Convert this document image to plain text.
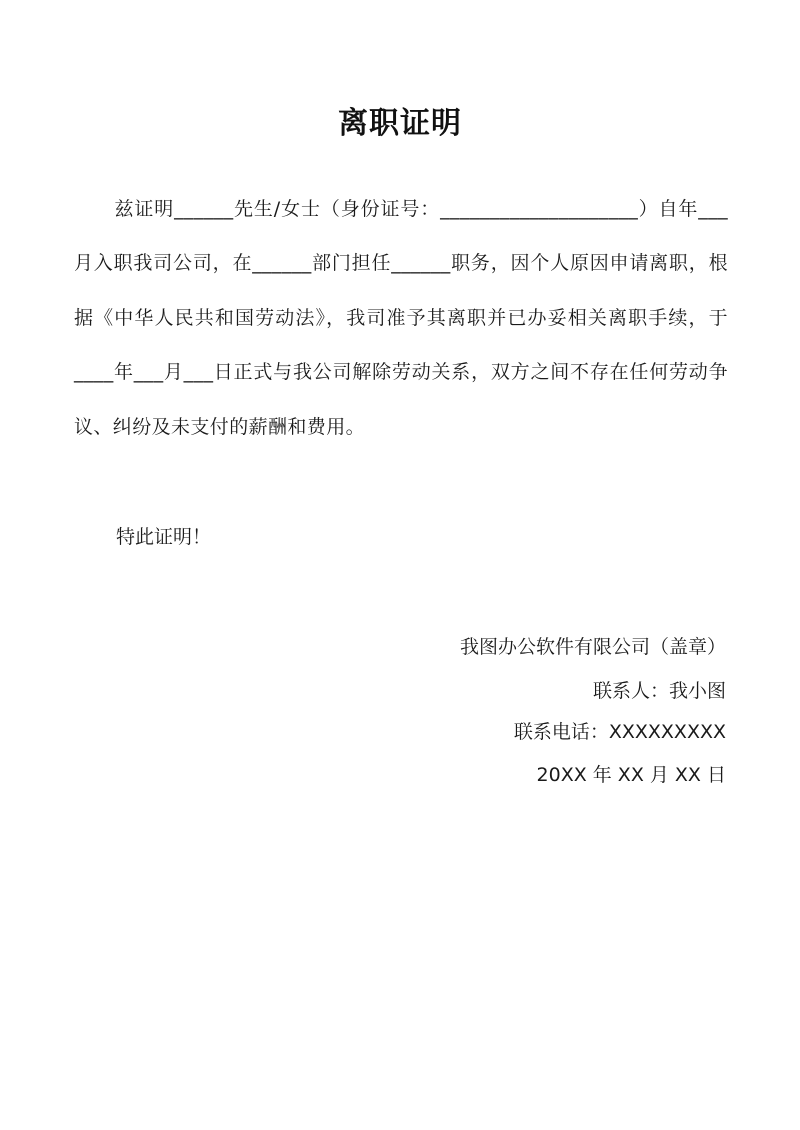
离职证明

兹证明______先生/女士（身份证号：____________________）自年___月入职我司公司，在______部门担任______职务，因个人原因申请离职，根据《中华人民共和国劳动法》，我司准予其离职并已办妥相关离职手续，于____年___月___日正式与我公司解除劳动关系，双方之间不存在任何劳动争议、纠纷及未支付的薪酬和费用。

特此证明！

我图办公软件有限公司（盖章）

联系人：我小图

联系电话：XXXXXXXXX

20XX 年 XX 月 XX 日
